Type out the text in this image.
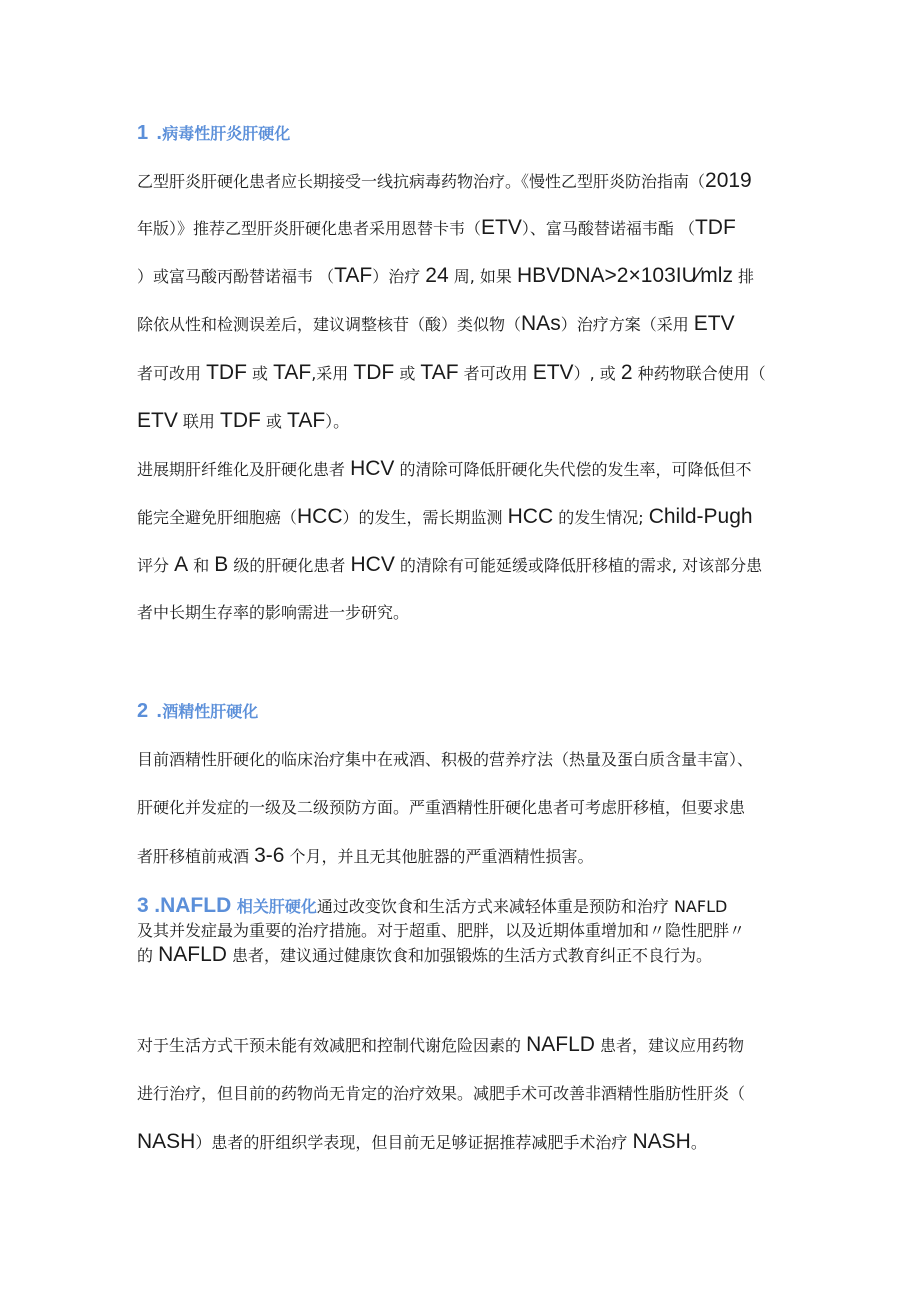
1 .病毒性肝炎肝硬化
乙型肝炎肝硬化患者应长期接受一线抗病毒药物治疗。《慢性乙型肝炎防治指南（2019
年版）》推荐乙型肝炎肝硬化患者采用恩替卡韦（ETV）、富马酸替诺福韦酯 （TDF
）或富马酸丙酚替诺福韦 （TAF）治疗 24 周, 如果 HBVDNA>2×103IU∕mlz 排
除依从性和检测误差后，建议调整核苷（酸）类似物（NAs）治疗方案（采用 ETV
者可改用 TDF 或 TAF,采用 TDF 或 TAF 者可改用 ETV）, 或 2 种药物联合使用（
ETV 联用 TDF 或 TAF）。
进展期肝纤维化及肝硬化患者 HCV 的清除可降低肝硬化失代偿的发生率，可降低但不
能完全避免肝细胞癌（HCC）的发生，需长期监测 HCC 的发生情况; Child-Pugh
评分 A 和 B 级的肝硬化患者 HCV 的清除有可能延缓或降低肝移植的需求, 对该部分患
者中长期生存率的影响需进一步研究。
2 .酒精性肝硬化
目前酒精性肝硬化的临床治疗集中在戒酒、积极的营养疗法（热量及蛋白质含量丰富）、
肝硬化并发症的一级及二级预防方面。严重酒精性肝硬化患者可考虑肝移植，但要求患
者肝移植前戒酒 3-6 个月，并且无其他脏器的严重酒精性损害。
3 .NAFLD 相关肝硬化通过改变饮食和生活方式来减轻体重是预防和治疗 NAFLD
及其并发症最为重要的治疗措施。对于超重、肥胖，以及近期体重增加和〃隐性肥胖〃
的 NAFLD 患者，建议通过健康饮食和加强锻炼的生活方式教育纠正不良行为。
对于生活方式干预未能有效减肥和控制代谢危险因素的 NAFLD 患者，建议应用药物
进行治疗，但目前的药物尚无肯定的治疗效果。减肥手术可改善非酒精性脂肪性肝炎（
NASH）患者的肝组织学表现，但目前无足够证据推荐减肥手术治疗 NASH。
